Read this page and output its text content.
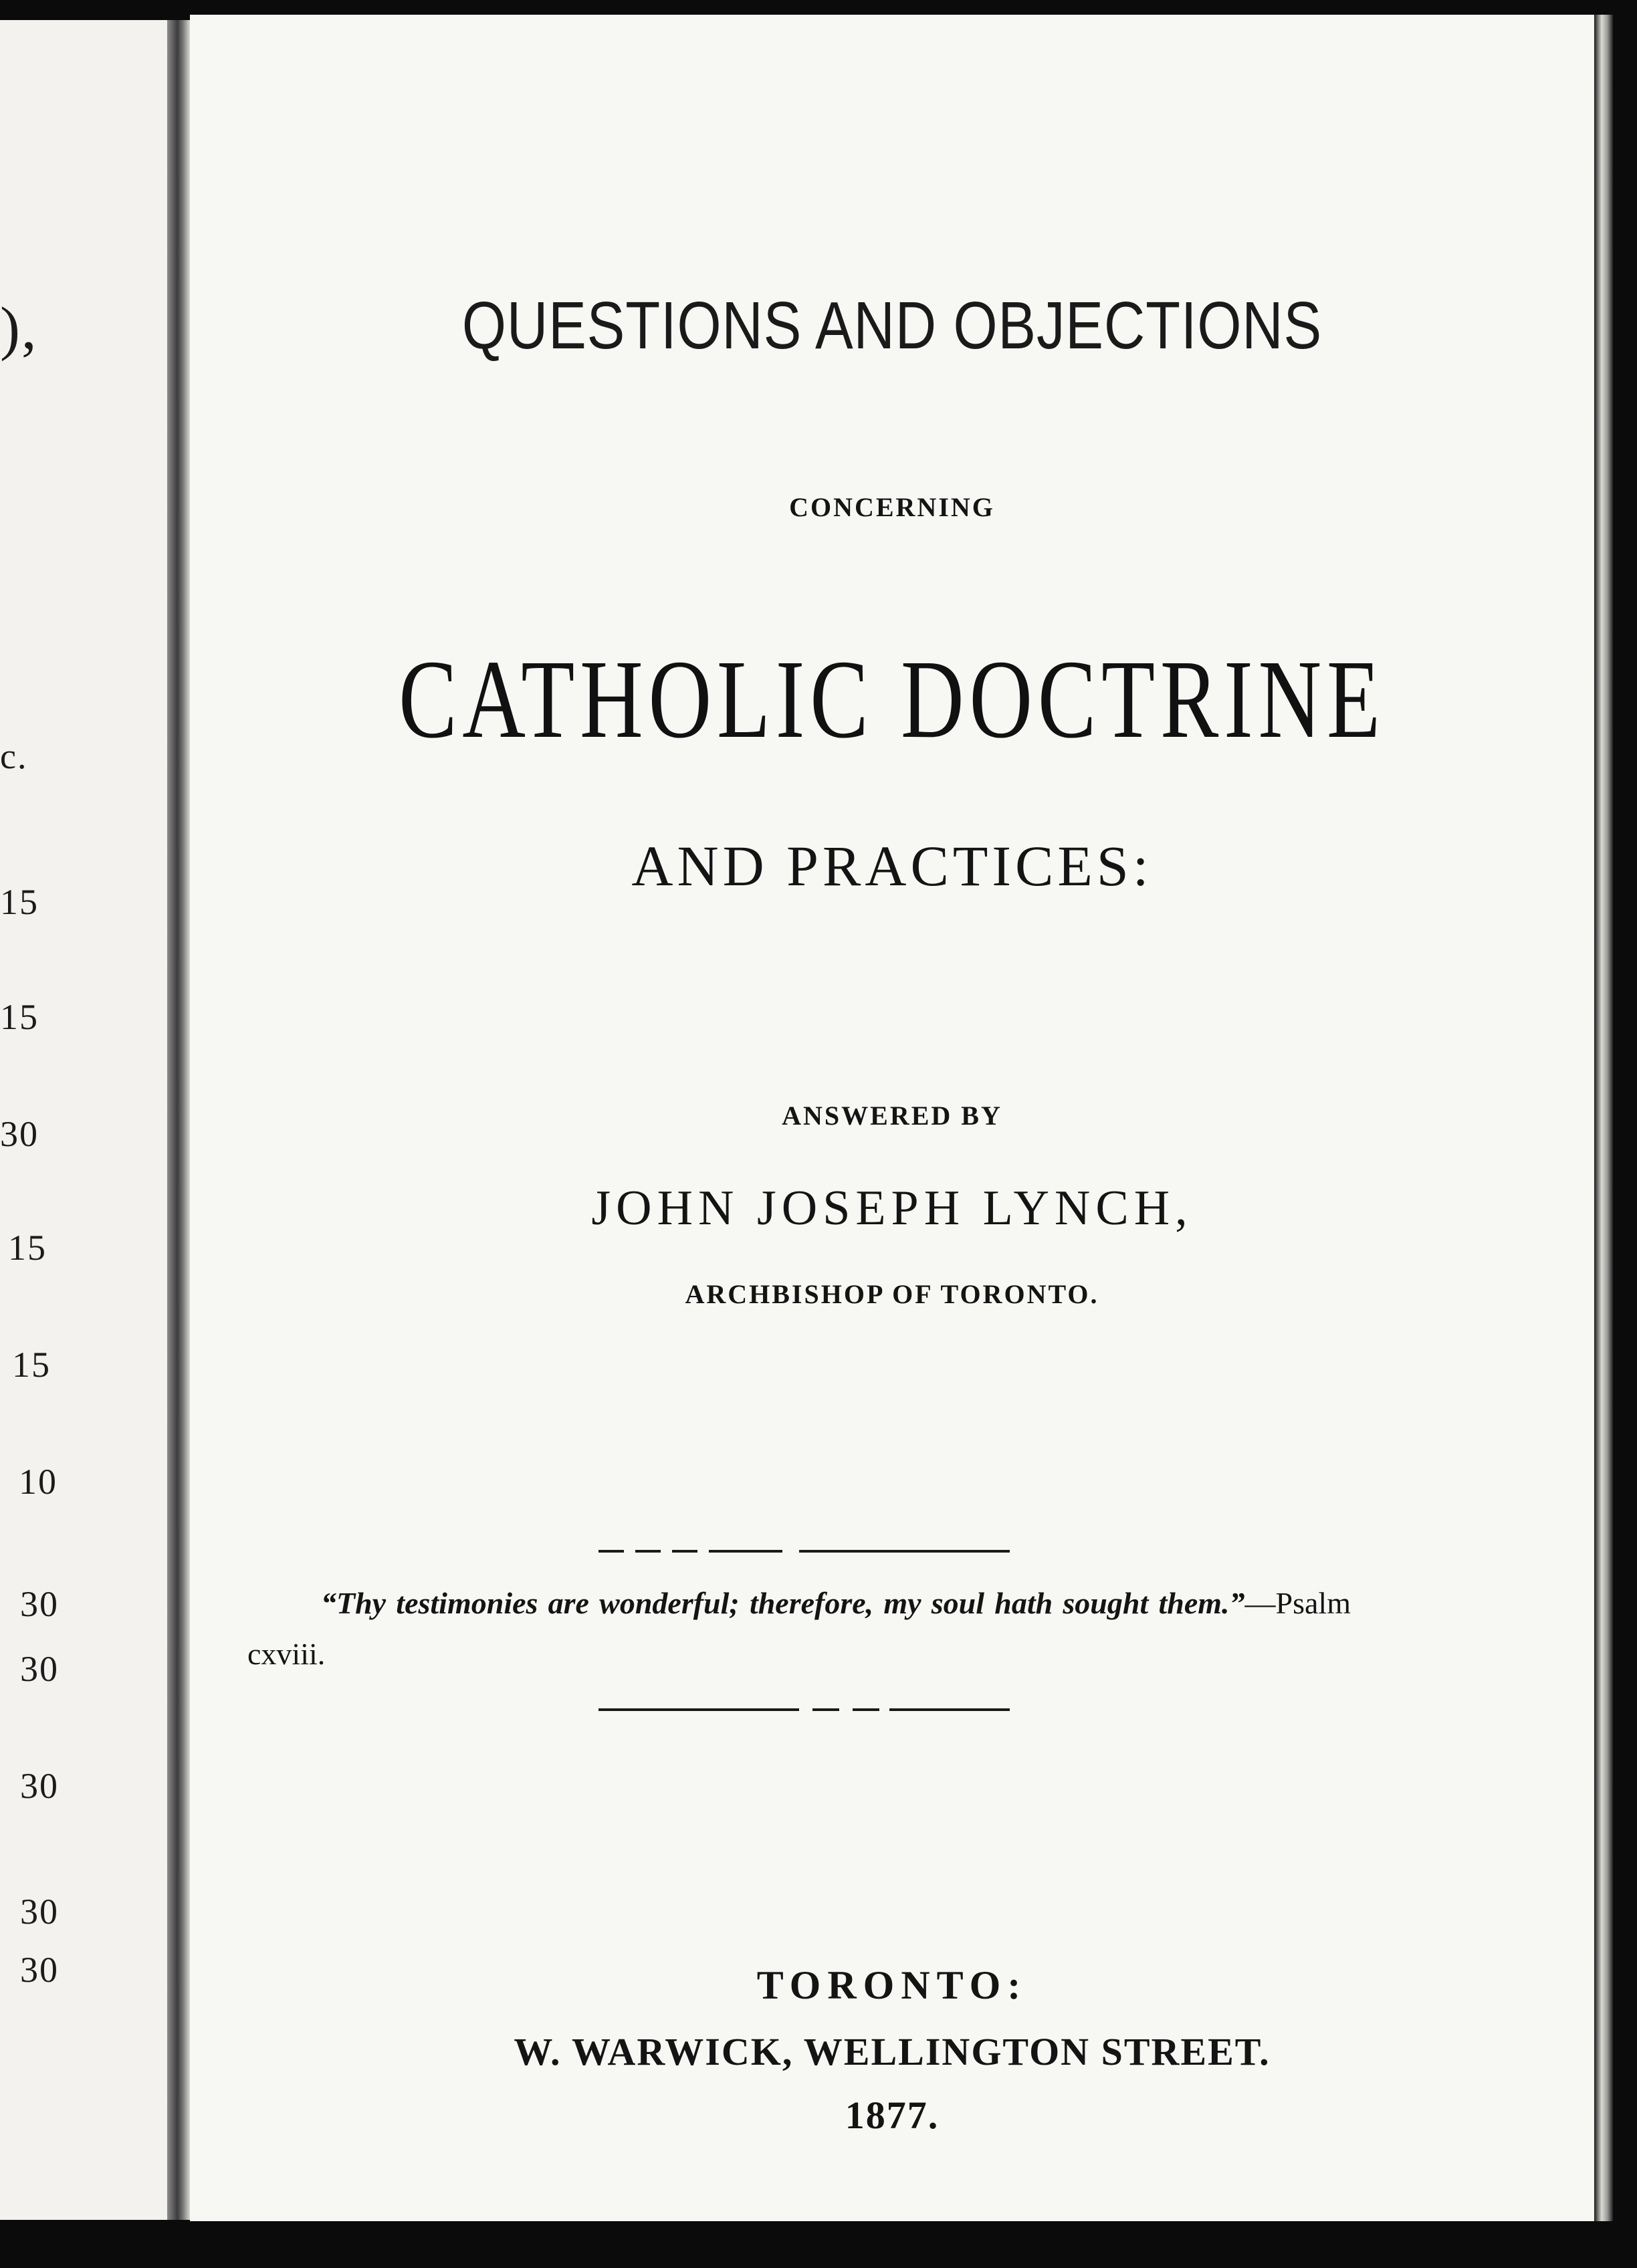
),
c.
15
15
30
15
15
10
30
30
30
30
30
QUESTIONS AND OBJECTIONS
CONCERNING
CATHOLIC DOCTRINE
AND PRACTICES:
ANSWERED BY
JOHN JOSEPH LYNCH,
ARCHBISHOP OF TORONTO.
“Thy testimonies are wonderful; therefore, my soul hath sought them.”—Psalm cxviii.
TORONTO:
W. WARWICK, WELLINGTON STREET.
1877.
